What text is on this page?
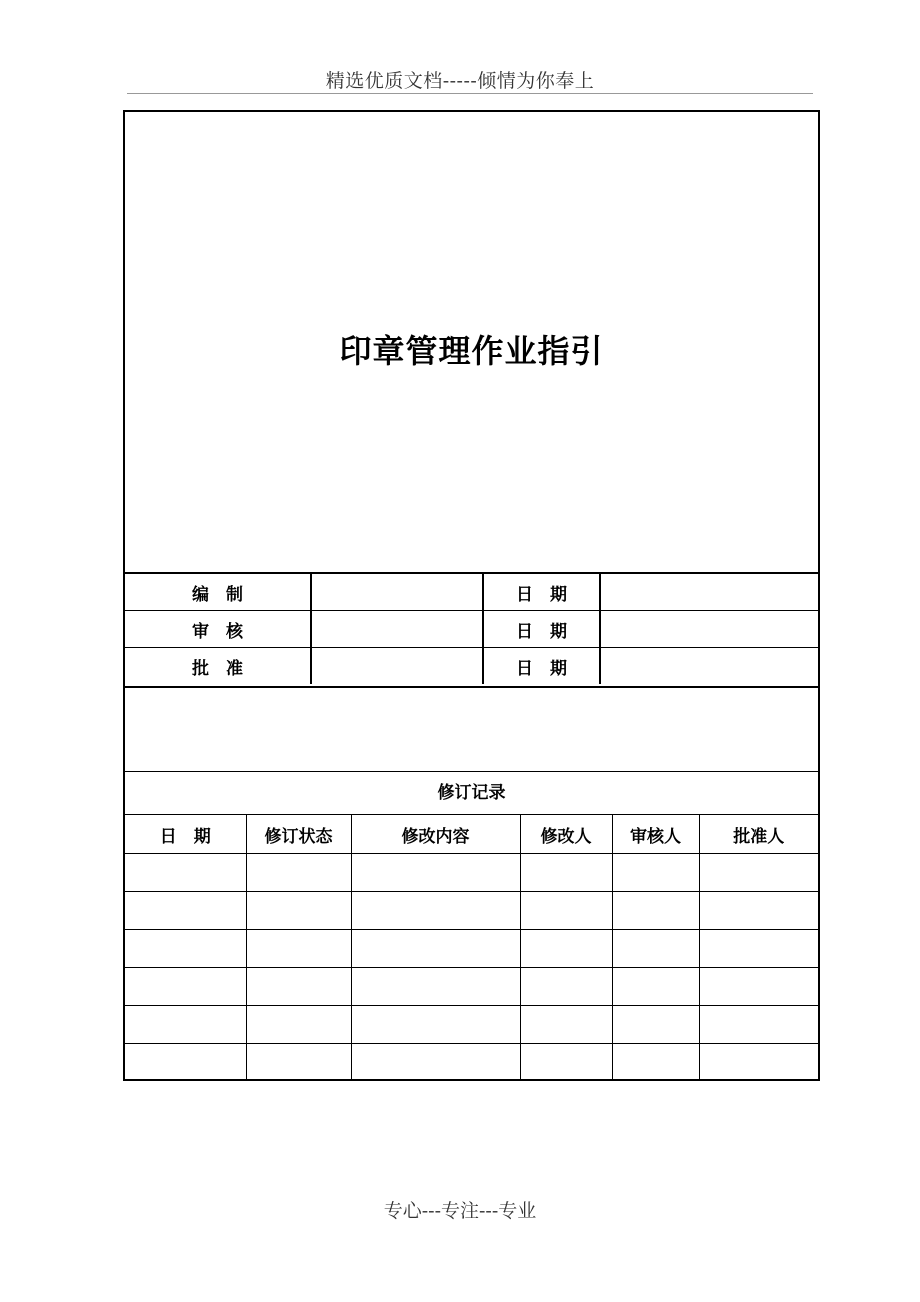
精选优质文档-----倾情为你奉上
印章管理作业指引
编　制		日　期	
审　核		日　期	
批　准		日　期	
修订记录
日　期	修订状态	修改内容	修改人	审核人	批准人

专心---专注---专业
